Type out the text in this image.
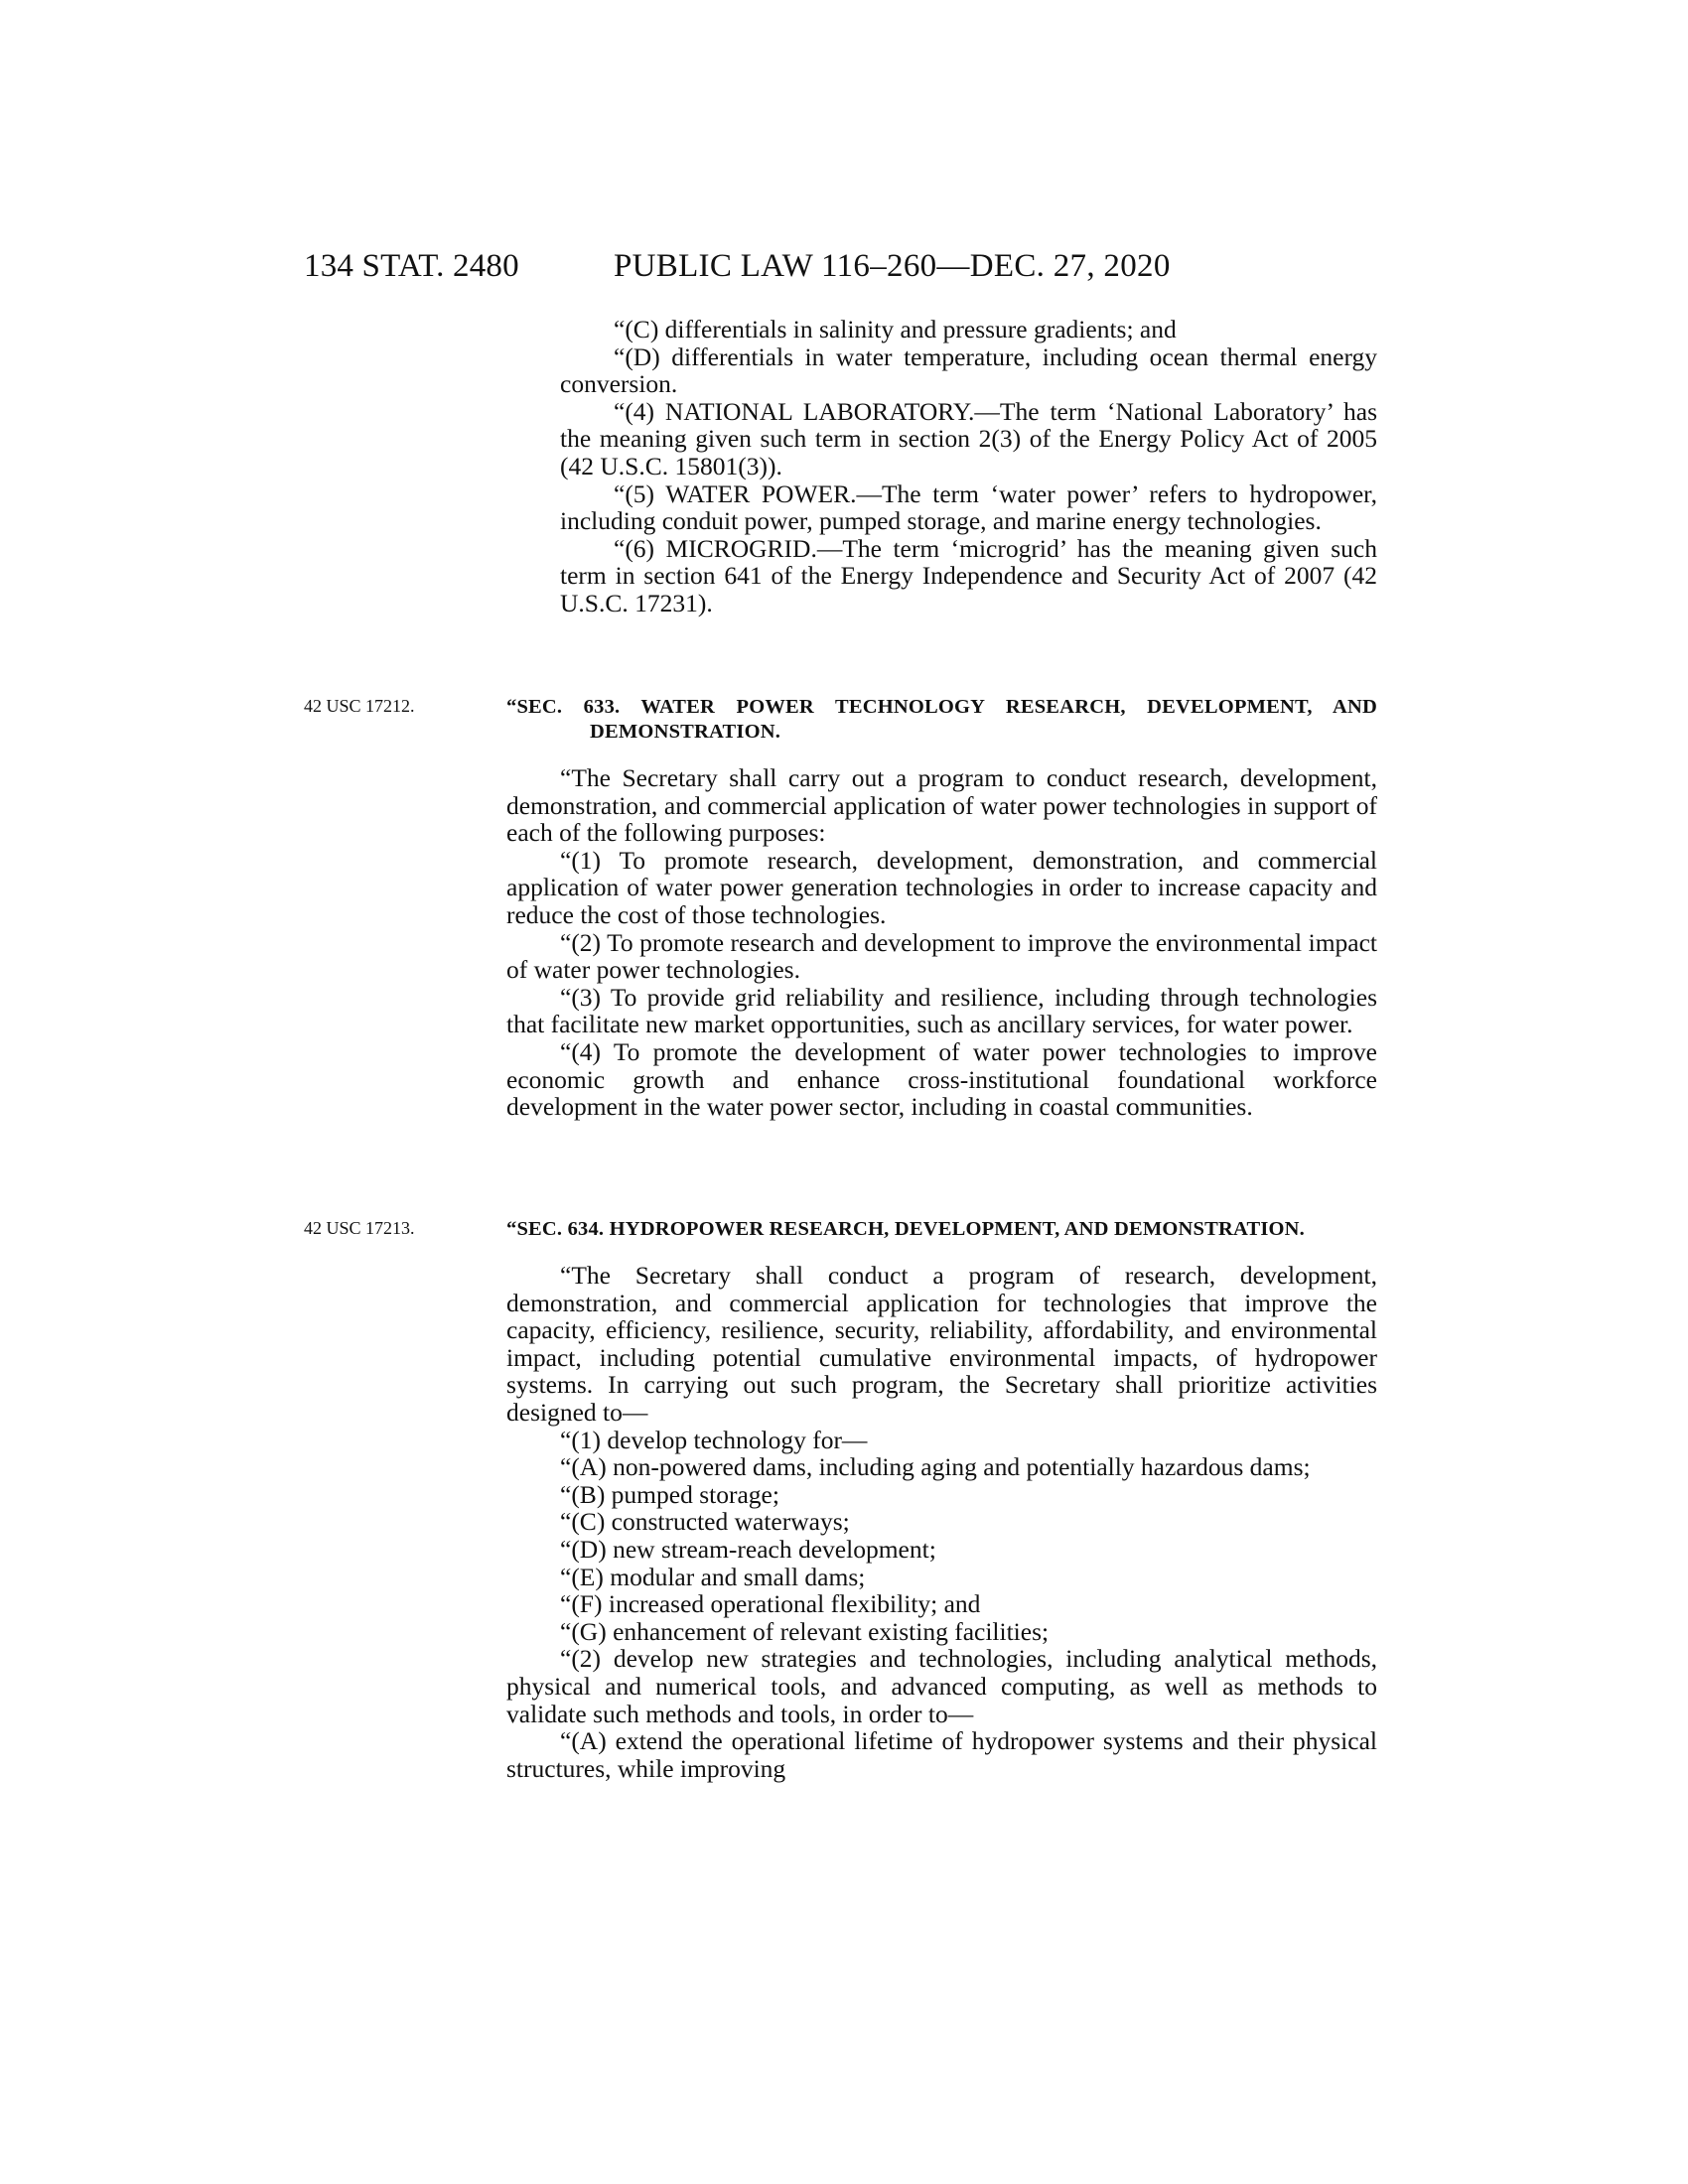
134 STAT. 2480	PUBLIC LAW 116–260—DEC. 27, 2020
42 USC 17212.
42 USC 17213.

“(C) differentials in salinity and pressure gradients; and

“(D) differentials in water temperature, including ocean thermal energy conversion.

“(4) NATIONAL LABORATORY.—The term ‘National Laboratory’ has the meaning given such term in section 2(3) of the Energy Policy Act of 2005 (42 U.S.C. 15801(3)).

“(5) WATER POWER.—The term ‘water power’ refers to hydropower, including conduit power, pumped storage, and marine energy technologies.

“(6) MICROGRID.—The term ‘microgrid’ has the meaning given such term in section 641 of the Energy Independence and Security Act of 2007 (42 U.S.C. 17231).

“SEC. 633. WATER POWER TECHNOLOGY RESEARCH, DEVELOPMENT, AND DEMONSTRATION.

“The Secretary shall carry out a program to conduct research, development, demonstration, and commercial application of water power technologies in support of each of the following purposes:

“(1) To promote research, development, demonstration, and commercial application of water power generation technologies in order to increase capacity and reduce the cost of those technologies.

“(2) To promote research and development to improve the environmental impact of water power technologies.

“(3) To provide grid reliability and resilience, including through technologies that facilitate new market opportunities, such as ancillary services, for water power.

“(4) To promote the development of water power technologies to improve economic growth and enhance cross-institutional foundational workforce development in the water power sector, including in coastal communities.

“SEC. 634. HYDROPOWER RESEARCH, DEVELOPMENT, AND DEMONSTRATION.

“The Secretary shall conduct a program of research, development, demonstration, and commercial application for technologies that improve the capacity, efficiency, resilience, security, reliability, affordability, and environmental impact, including potential cumulative environmental impacts, of hydropower systems. In carrying out such program, the Secretary shall prioritize activities designed to—

“(1) develop technology for—

“(A) non-powered dams, including aging and potentially hazardous dams;

“(B) pumped storage;

“(C) constructed waterways;

“(D) new stream-reach development;

“(E) modular and small dams;

“(F) increased operational flexibility; and

“(G) enhancement of relevant existing facilities;

“(2) develop new strategies and technologies, including analytical methods, physical and numerical tools, and advanced computing, as well as methods to validate such methods and tools, in order to—

“(A) extend the operational lifetime of hydropower systems and their physical structures, while improving
